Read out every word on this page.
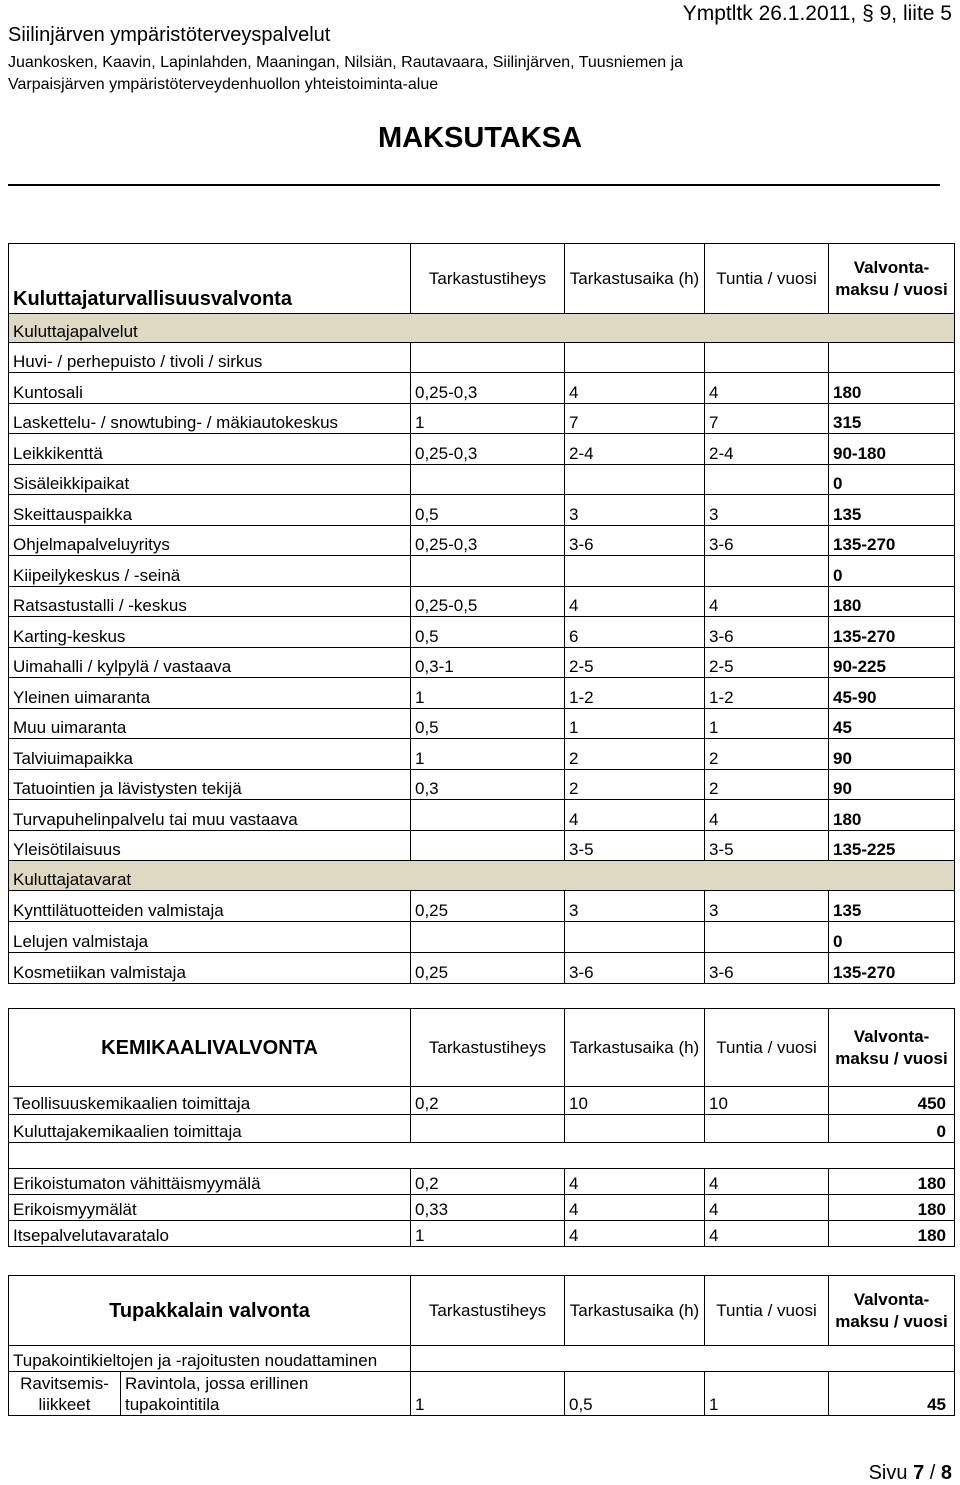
Siilinjärven ympäristöterveyspalvelut
Ymptltk 26.1.2011, § 9, liite 5
Juankosken, Kaavin, Lapinlahden, Maaningan, Nilsiän, Rautavaara, Siilinjärven, Tuusniemen ja
Varpaisjärven ympäristöterveydenhuollon yhteistoiminta-alue
MAKSUTAKSA
Kuluttajaturvallisuusvalvonta	Tarkastustiheys	Tarkastusaika (h)	Tuntia / vuosi	Valvonta-maksu / vuosi
Kuluttajapalvelut				
Huvi- / perhepuisto / tivoli / sirkus				
Kuntosali	0,25-0,3	4	4	180
Laskettelu- / snowtubing- / mäkiautokeskus	1	7	7	315
Leikkikenttä	0,25-0,3	2-4	2-4	90-180
Sisäleikkipaikat				0
Skeittauspaikka	0,5	3	3	135
Ohjelmapalveluyritys	0,25-0,3	3-6	3-6	135-270
Kiipeilykeskus / -seinä				0
Ratsastustalli / -keskus	0,25-0,5	4	4	180
Karting-keskus	0,5	6	3-6	135-270
Uimahalli / kylpylä / vastaava	0,3-1	2-5	2-5	90-225
Yleinen uimaranta	1	1-2	1-2	45-90
Muu uimaranta	0,5	1	1	45
Talviuimapaikka	1	2	2	90
Tatuointien ja lävistysten tekijä	0,3	2	2	90
Turvapuhelinpalvelu tai muu vastaava		4	4	180
Yleisötilaisuus		3-5	3-5	135-225
Kuluttajatavarat				
Kynttilätuotteiden valmistaja	0,25	3	3	135
Lelujen valmistaja				0
Kosmetiikan valmistaja	0,25	3-6	3-6	135-270
KEMIKAALIVALVONTA	Tarkastustiheys	Tarkastusaika (h)	Tuntia / vuosi	Valvonta-maksu / vuosi
Teollisuuskemikaalien toimittaja	0,2	10	10	450
Kuluttajakemikaalien toimittaja				0

Erikoistumaton vähittäismyymälä	0,2	4	4	180
Erikoismyymälät	0,33	4	4	180
Itsepalvelutavaratalo	1	4	4	180
Tupakkalain valvonta		Tarkastustiheys	Tarkastusaika (h)	Tuntia / vuosi	Valvonta-maksu / vuosi
Tupakointikieltojen ja -rajoitusten noudattaminen					
Ravitsemis-liikkeet	Ravintola, jossa erillinen tupakointitila	1	0,5	1	45
Sivu 7 / 8
